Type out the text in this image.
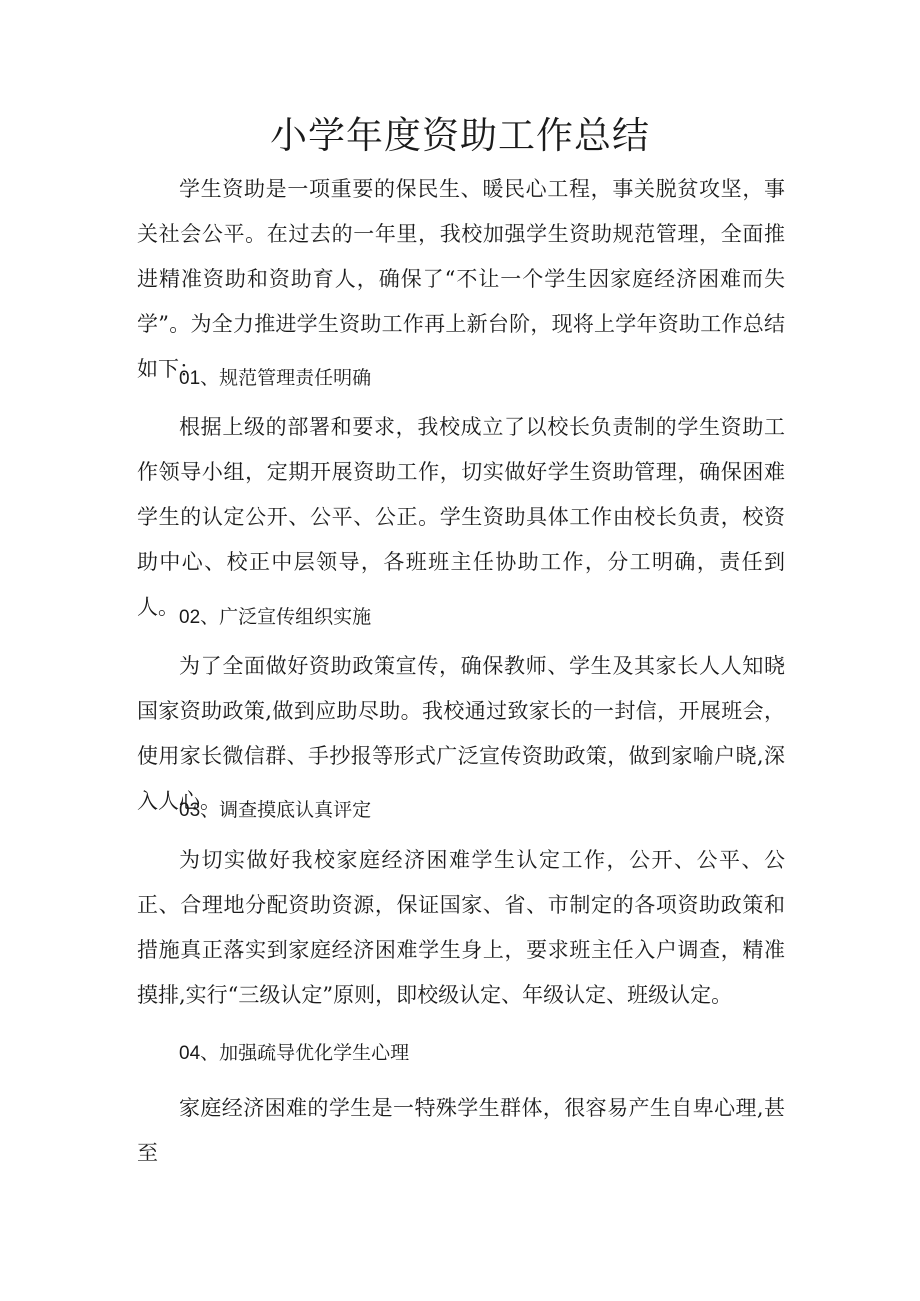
小学年度资助工作总结

学生资助是一项重要的保民生、暖民心工程，事关脱贫攻坚，事关社会公平。在过去的一年里，我校加强学生资助规范管理，全面推进精准资助和资助育人，确保了“不让一个学生因家庭经济困难而失学”。为全力推进学生资助工作再上新台阶，现将上学年资助工作总结如下：

01、规范管理责任明确

根据上级的部署和要求，我校成立了以校长负责制的学生资助工作领导小组，定期开展资助工作，切实做好学生资助管理，确保困难学生的认定公开、公平、公正。学生资助具体工作由校长负责，校资助中心、校正中层领导，各班班主任协助工作，分工明确，责任到人。 02、广泛宣传组织实施

为了全面做好资助政策宣传，确保教师、学生及其家长人人知晓国家资助政策,做到应助尽助。我校通过致家长的一封信，开展班会，使用家长微信群、手抄报等形式广泛宣传资助政策，做到家喻户晓,深入人心。

03、调查摸底认真评定

为切实做好我校家庭经济困难学生认定工作，公开、公平、公正、合理地分配资助资源，保证国家、省、市制定的各项资助政策和措施真正落实到家庭经济困难学生身上，要求班主任入户调查，精准摸排,实行“三级认定”原则，即校级认定、年级认定、班级认定。

04、加强疏导优化学生心理

家庭经济困难的学生是一特殊学生群体，很容易产生自卑心理,甚至
